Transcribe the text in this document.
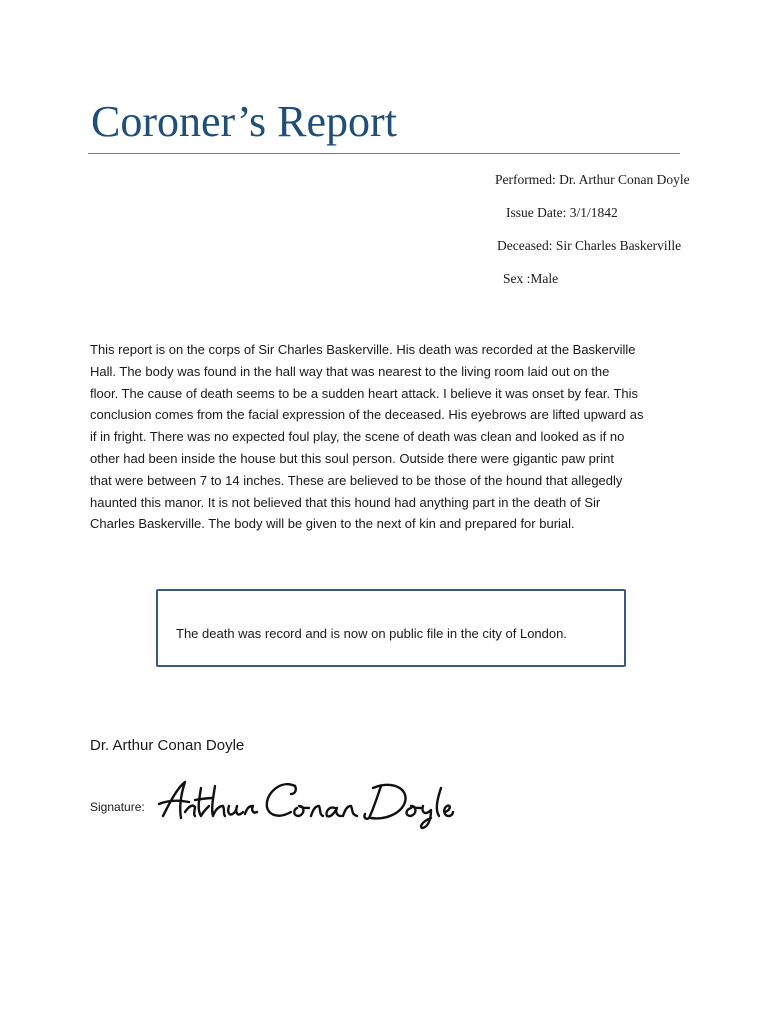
Coroner’s Report
Performed: Dr. Arthur Conan Doyle
Issue Date: 3/1/1842
Deceased: Sir Charles Baskerville
Sex :Male

This report is on the corps of Sir Charles Baskerville. His death was recorded at the Baskerville
Hall. The body was found in the hall way that was nearest to the living room laid out on the
floor. The cause of death seems to be a sudden heart attack. I believe it was onset by fear. This
conclusion comes from the facial expression of the deceased. His eyebrows are lifted upward as
if in fright. There was no expected foul play, the scene of death was clean and looked as if no
other had been inside the house but this soul person. Outside there were gigantic paw print
that were between 7 to 14 inches. These are believed to be those of the hound that allegedly
haunted this manor. It is not believed that this hound had anything part in the death of Sir
Charles Baskerville. The body will be given to the next of kin and prepared for burial.

The death was record and is now on public file in the city of London.
Dr. Arthur Conan Doyle
Signature:
